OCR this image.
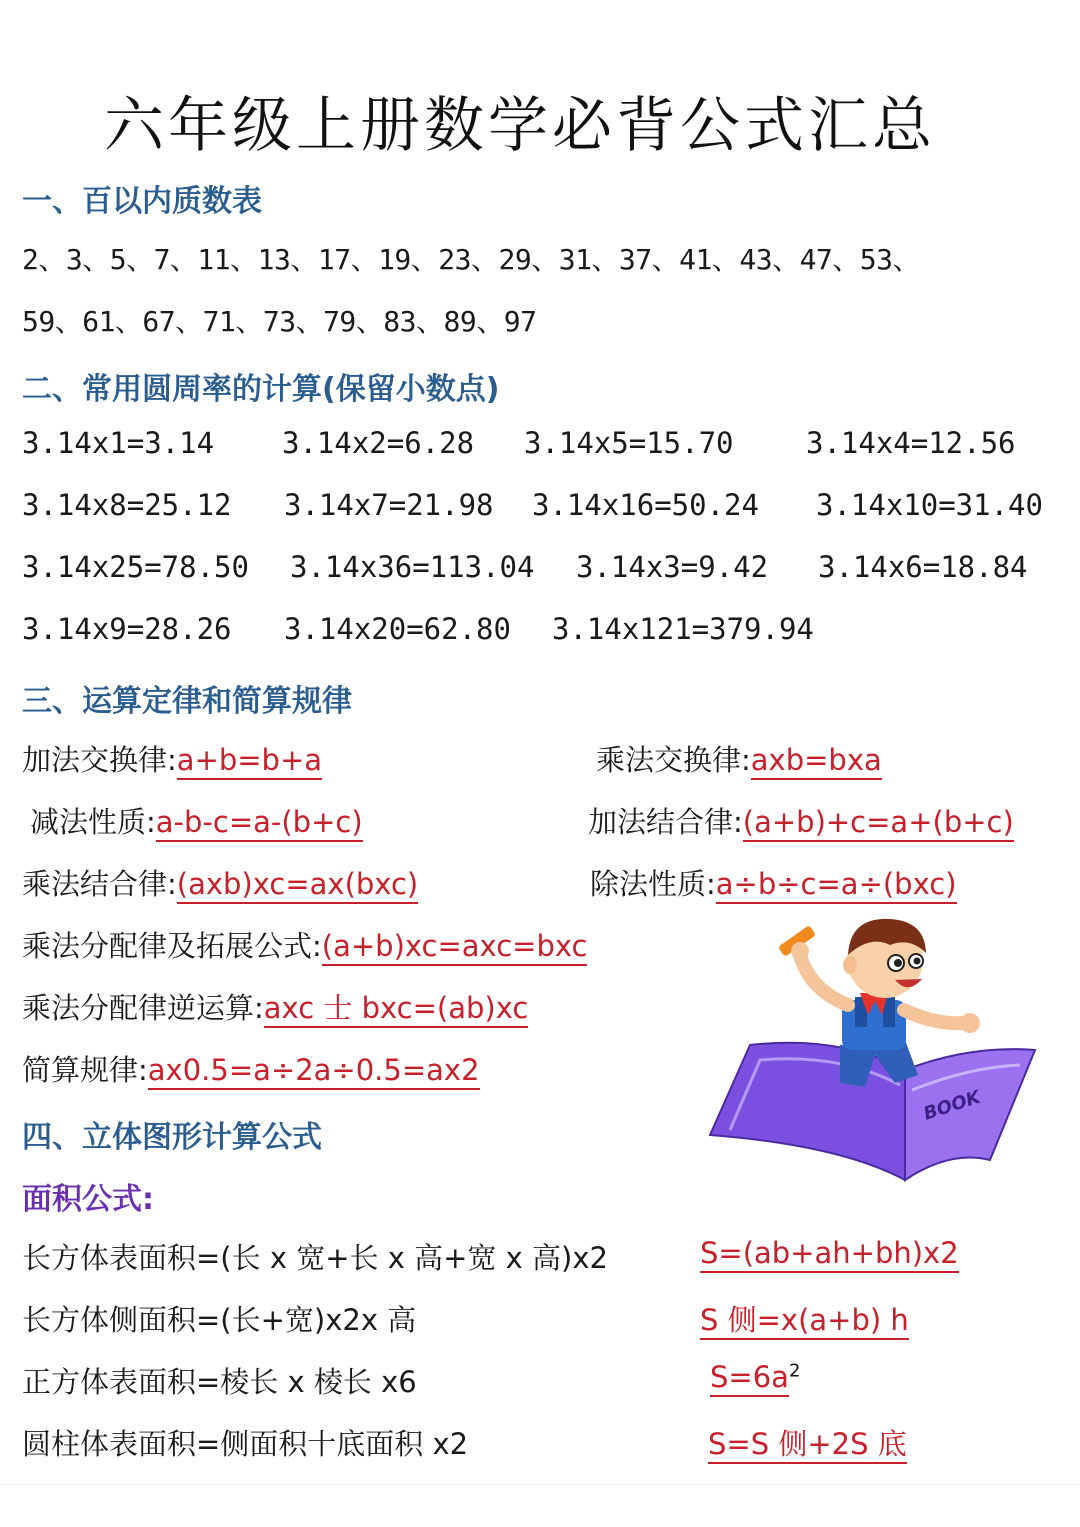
六年级上册数学必背公式汇总
一、百以内质数表
2、3、5、7、11、13、17、19、23、29、31、37、41、43、47、53、
59、61、67、71、73、79、83、89、97
二、常用圆周率的计算(保留小数点)
3.14x1=3.14 3.14x2=6.28 3.14x5=15.70 3.14x4=12.56
3.14x8=25.12 3.14x7=21.98 3.14x16=50.24 3.14x10=31.40
3.14x25=78.50 3.14x36=113.04 3.14x3=9.42 3.14x6=18.84
3.14x9=28.26 3.14x20=62.80 3.14x121=379.94
三、运算定律和简算规律
加法交换律:a+b=b+a	乘法交换律:axb=bxa
减法性质:a-b-c=a-(b+c)	加法结合律:(a+b)+c=a+(b+c)
乘法结合律:(axb)xc=ax(bxc)	除法性质:a÷b÷c=a÷(bxc)
乘法分配律及拓展公式:(a+b)xc=axc=bxc
乘法分配律逆运算:axc 士 bxc=(ab)xc
简算规律:ax0.5=a÷2a÷0.5=ax2
BOOK
四、立体图形计算公式
面积公式:
长方体表面积=(长 x 宽+长 x 高+宽 x 高)x2	S=(ab+ah+bh)x2
长方体侧面积=(长+宽)x2x 高	S 侧=x(a+b) h
正方体表面积=棱长 x 棱长 x6	$S=6a^2$
圆柱体表面积=侧面积十底面积 x2	S=S 侧+2S 底
